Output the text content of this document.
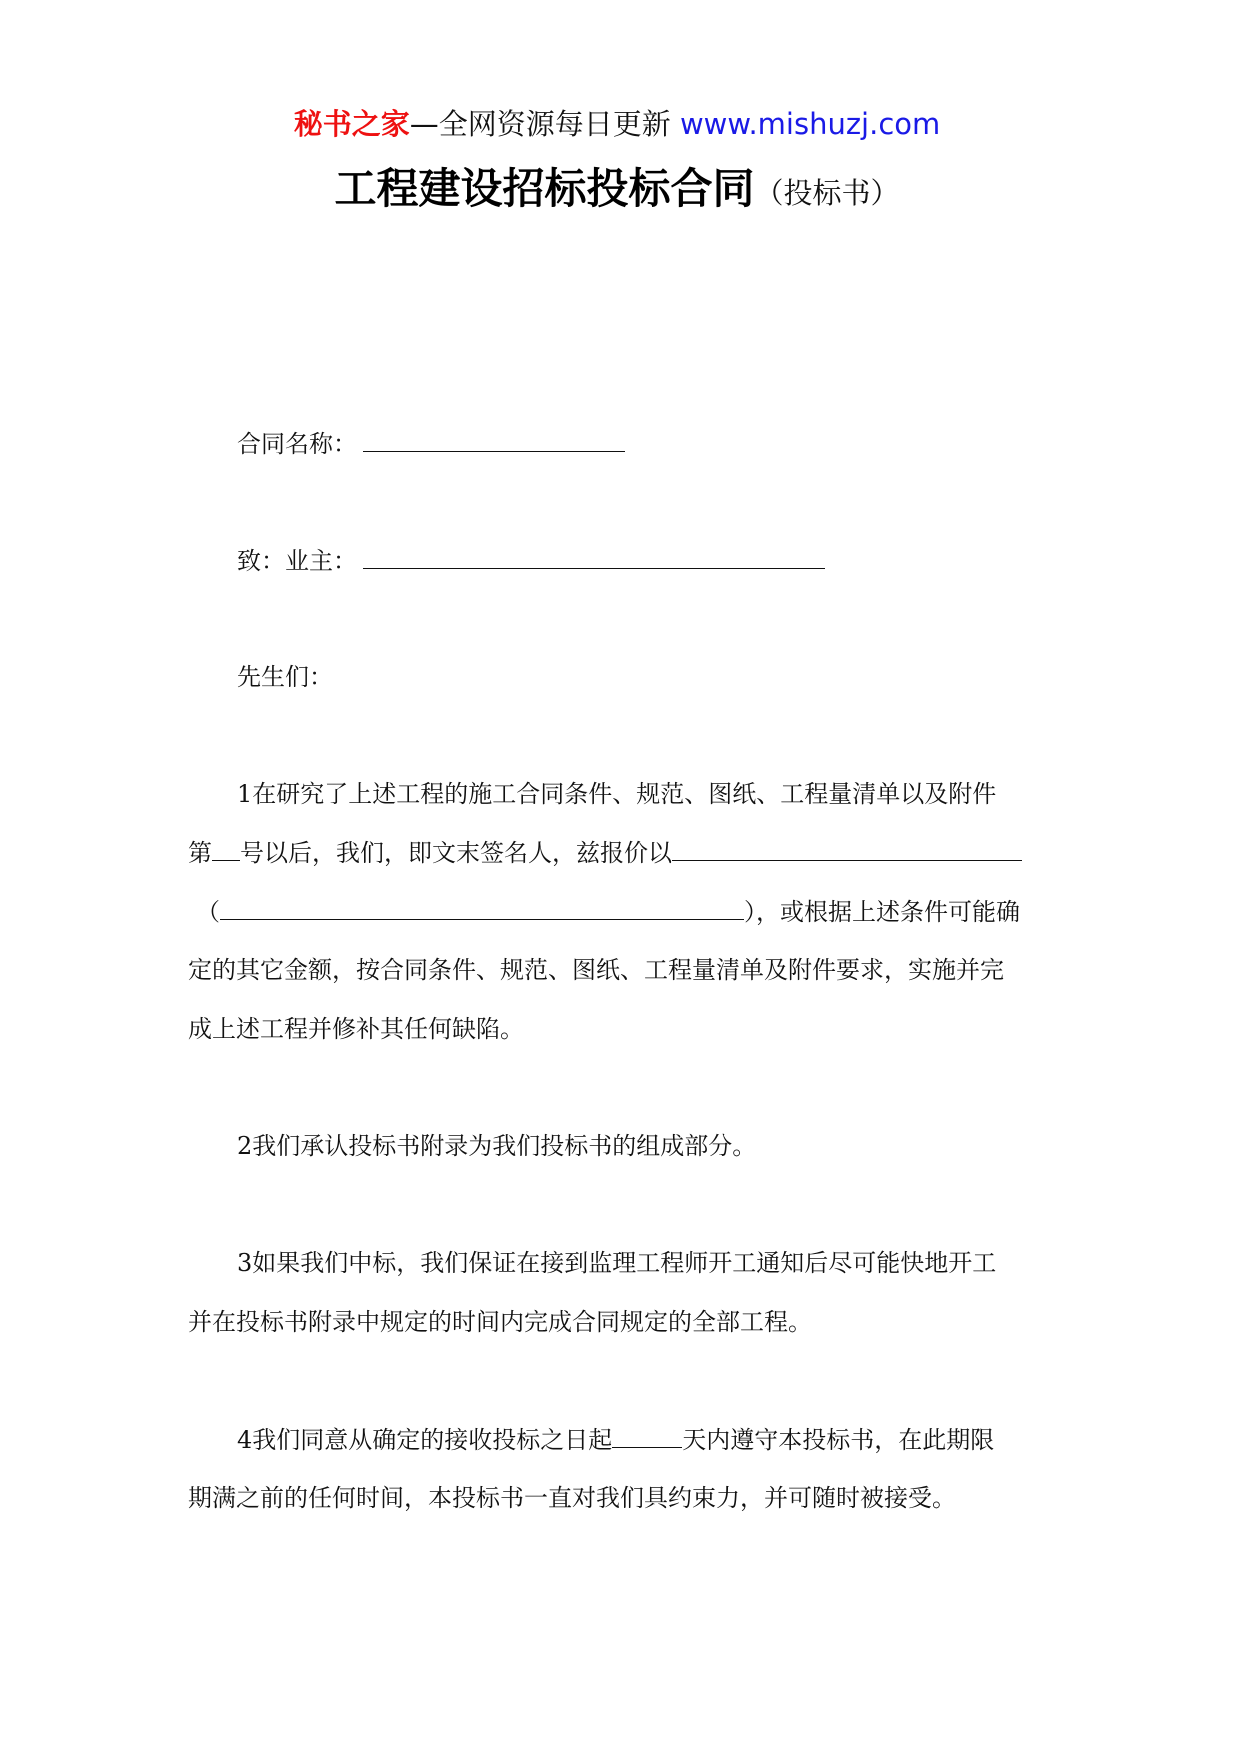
秘书之家—全网资源每日更新 www.mishuzj.com
工程建设招标投标合同（投标书）
合同名称：
致：业主：
先生们：
1在研究了上述工程的施工合同条件、规范、图纸、工程量清单以及附件
第 号以后，我们，即文末签名人，兹报价以
（	），或根据上述条件可能确
定的其它金额，按合同条件、规范、图纸、工程量清单及附件要求，实施并完
成上述工程并修补其任何缺陷。
2我们承认投标书附录为我们投标书的组成部分。
3如果我们中标，我们保证在接到监理工程师开工通知后尽可能快地开工
并在投标书附录中规定的时间内完成合同规定的全部工程。
4我们同意从确定的接收投标之日起	天内遵守本投标书，在此期限
期满之前的任何时间，本投标书一直对我们具约束力，并可随时被接受。
